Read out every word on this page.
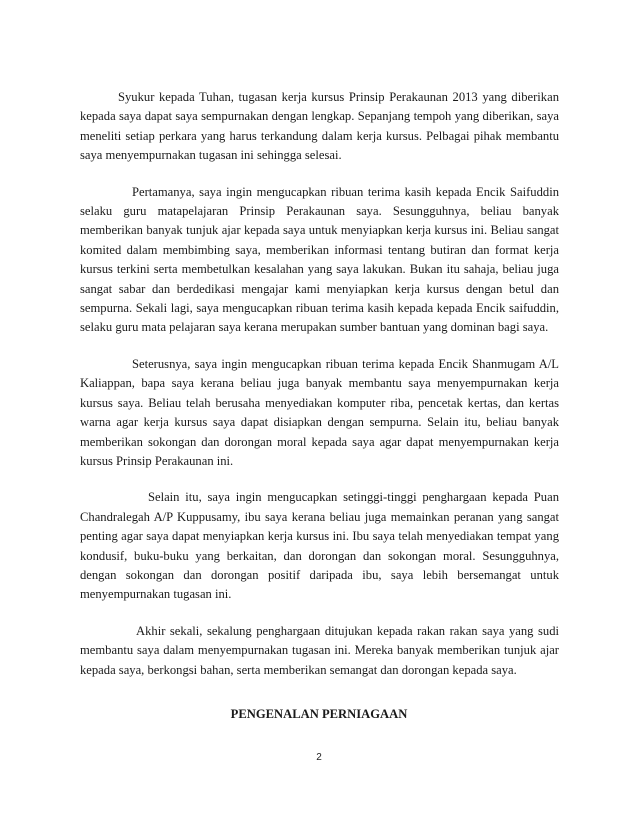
Syukur kepada Tuhan, tugasan kerja kursus Prinsip Perakaunan 2013 yang diberikan kepada saya dapat saya sempurnakan dengan lengkap. Sepanjang tempoh yang diberikan, saya meneliti setiap perkara yang harus terkandung dalam kerja kursus. Pelbagai pihak membantu saya menyempurnakan tugasan ini sehingga selesai.

Pertamanya, saya ingin mengucapkan ribuan terima kasih kepada Encik Saifuddin selaku guru matapelajaran Prinsip Perakaunan saya. Sesungguhnya, beliau banyak memberikan banyak tunjuk ajar kepada saya untuk menyiapkan kerja kursus ini. Beliau sangat komited dalam membimbing saya, memberikan informasi tentang butiran dan format kerja kursus terkini serta membetulkan kesalahan yang saya lakukan. Bukan itu sahaja, beliau juga sangat sabar dan berdedikasi mengajar kami menyiapkan kerja kursus dengan betul dan sempurna. Sekali lagi, saya mengucapkan ribuan terima kasih kepada kepada Encik saifuddin, selaku guru mata pelajaran saya kerana merupakan sumber bantuan yang dominan bagi saya.

Seterusnya, saya ingin mengucapkan ribuan terima kepada Encik Shanmugam A/L Kaliappan, bapa saya kerana beliau juga banyak membantu saya menyempurnakan kerja kursus saya. Beliau telah berusaha menyediakan komputer riba, pencetak kertas, dan kertas warna agar kerja kursus saya dapat disiapkan dengan sempurna. Selain itu, beliau banyak memberikan sokongan dan dorongan moral kepada saya agar dapat menyempurnakan kerja kursus Prinsip Perakaunan ini.

Selain itu, saya ingin mengucapkan setinggi-tinggi penghargaan kepada Puan Chandralegah A/P Kuppusamy, ibu saya kerana beliau juga memainkan peranan yang sangat penting agar saya dapat menyiapkan kerja kursus ini. Ibu saya telah menyediakan tempat yang kondusif, buku-buku yang berkaitan, dan dorongan dan sokongan moral. Sesungguhnya, dengan sokongan dan dorongan positif daripada ibu, saya lebih bersemangat untuk menyempurnakan tugasan ini.

Akhir sekali, sekalung penghargaan ditujukan kepada rakan rakan saya yang sudi membantu saya dalam menyempurnakan tugasan ini. Mereka banyak memberikan tunjuk ajar kepada saya, berkongsi bahan, serta memberikan semangat dan dorongan kepada saya.

PENGENALAN PERNIAGAAN
2
